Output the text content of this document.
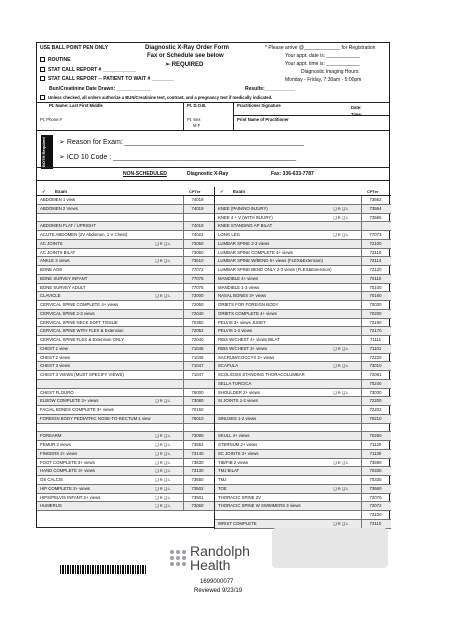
USE BALL POINT PEN ONLY	Diagnostic X-Ray Order Form
Fax or Schedule see below
➢ REQUIRED
* Please arrive @_____________ for Registration
Your appt. date is: ____________
Your appt. time is: ____________
Diagnostic Imaging Hours:
Monday - Friday, 7:30am - 5:00pm
ROUTINE
STAT CALL REPORT # ____________
STAT CALL REPORT -- PATIENT TO WAIT # ________
Bun/Creatinine Date Drawn: ____________	Results:___________
Unless checked, all orders authorize a BUN/Creatinine test, contrast, and a pregnancy test if medically indicated.
Pt. Name: Last First Middle	Pt. D.O.B.	Practitioner Signature	Date:
Time:
Pt. Sex
M F
Print Name of Practitioner
Pt. Phone #
BOTH Required	➢ Reason for Exam: ______________________________________________
➢ ICD 10 Code : _______________________________________________
NON-SCHEDULED	Diagnostic X-Ray	Fax: 336-633-7787
✓ Exam	CPTer
ABDOMEN 1 view	74018
ABDOMEN 2 Views	74019
ABDOMEN FLAT / UPRIGHT	74019
ACUTE ABDOMEN (2V Abdomen, 1 V Chest)	74022
AC JOINTS	❑ R ❑ L	73050
AC JOINTS BILAT	73050
ANKLE 3 views	❑ R ❑ L	73610
BONE AGE	77072
BONE SURVEY INFANT	77076
BONE SURVEY ADULT	77075
CLAVICLE	❑ R ❑ L	73000
CERVICAL SPINE COMPLETE 4+ views	72050
CERVICAL SPINE 2-3 views	72040
CERVICAL SPINE NECK SOFT TISSUE	70360
CERVICAL SPINE WITH FLEX & Extension	72052
CERVICAL SPINE FLEX & Extension ONLY	72040
CHEST 1 view	71045
CHEST 2 views	71046
CHEST 3 views	71047
CHEST 3 VIEWS (MUST SPECIFY VIEWS)	71047
CHEST FLOURO	76000
ELBOW COMPLETE 3+ views	❑ R ❑ L	73080
FACIAL BONES COMPLETE 3+ views	70150
FOREIGN BODY PEDIATRIC NOSE-TO-RECTUM 1 view	76010
FOREARM	❑ R ❑ L	73090
FEMUR 2 views	❑ R ❑ L	73552
FINGERS 2+ views	❑ R ❑ L	73140
FOOT COMPLETE 3+ views	❑ R ❑ L	73630
HAND COMPLETE 3+ views	❑ R ❑ L	73130
OS CALCIS	❑ R ❑ L	73650
HIP COMPLETE 2+ views	❑ R ❑ L	73502
HIPS/PELVIS INFANT 2+ views	❑ R ❑ L	73501
HUMERUS	❑ R ❑ L	73060
✓ Exam	CPTer
73562
KNEE (PAIN/NO INJURY)	❑ R ❑ L	73564
KNEE 4 + V (WITH INJURY)	❑ R ❑ L	73565
KNEE STANDING AP BILAT
LONG LEG	❑ R ❑ L	77073
LUMBAR SPINE 2-3 views	72100
LUMBAR SPINE COMPLETE 4+ views	72110
LUMBAR SPINE W/BEND 6+ views (FLEX&Extension)	72114
LUMBAR SPINE BEND ONLY 2-3 views (FLEX&Extension)	72120
MANDIBLE 4+ views	70110
MANDIBLE 1-3 views	70100
NASAL BONES 3+ views	70160
ORBITS FOR FOREIGN BODY	70030
ORBITS COMPLETE 4+ views	70200
PELVIS 3+ views JUDET	72190
PELVIS 1-2 views	72170
RIBS W/CHEST 4+ views BILAT	71111
RIBS W/CHEST 3+ views	❑ R ❑ L	71101
SACRUM/COCCYX 2+ views	72220
SCAPULA	❑ R ❑ L	73010
SCOLIOSIS STANDING THORACOLUMBAR	72081
SELLA TURCICA	70240
SHOULDER 2+ views	❑ R ❑ L	73030
SI JOINTS 1-2 views	72200
72202
SINUSES 1-2 views	70210
SKULL 4+ views	70260
STERNUM 2+ views	71120
SC JOINTS 3+ views	71130
TIB/FIB 2 views	❑ R ❑ L	73590
TMJ BILAT	70330
TMJ	70330
TOE	❑ R ❑ L	73660
THORACIC SPINE 2V	72070
THORACIC SPINE W SWIMMERS 3 views	72072
73100
WRIST COMPLETE	❑ R ❑ L	73110
Randolph
Health
1699000077
Reviewed 9/23/19
